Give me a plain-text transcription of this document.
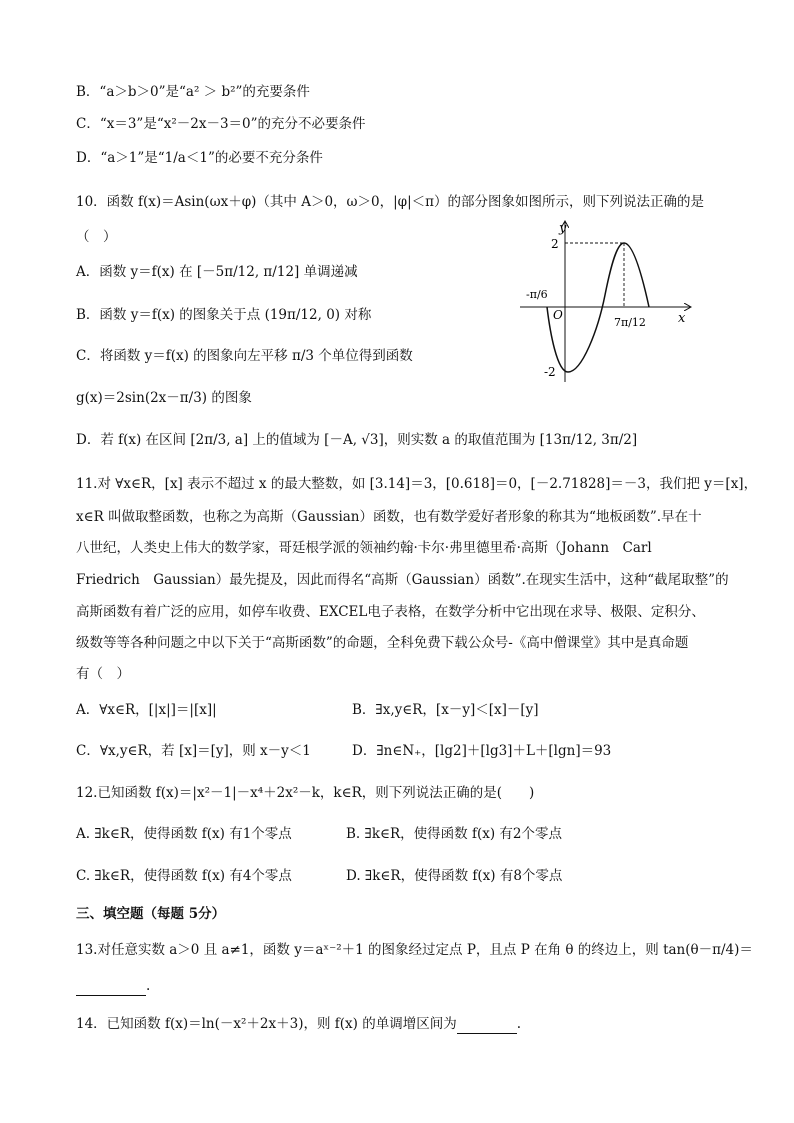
B．“a＞b＞0”是“a² ＞ b²”的充要条件
C．“x＝3”是“x²－2x－3＝0”的充分不必要条件
D．“a＞1”是“1/a＜1”的必要不充分条件
10．函数 f(x)＝Asin(ωx＋φ)（其中 A＞0，ω＞0，|φ|＜π）的部分图象如图所示，则下列说法正确的是
（　）
A．函数 y＝f(x) 在 [－5π/12, π/12] 单调递减
B．函数 y＝f(x) 的图象关于点 (19π/12, 0) 对称
C．将函数 y＝f(x) 的图象向左平移 π/3 个单位得到函数
g(x)＝2sin(2x－π/3) 的图象
D．若 f(x) 在区间 [2π/3, a] 上的值域为 [－A, √3]，则实数 a 的取值范围为 [13π/12, 3π/2]
y
x
O
2
-2
-π/6
7π/12
11.对 ∀x∈R，[x] 表示不超过 x 的最大整数，如 [3.14]＝3，[0.618]＝0，[－2.71828]＝－3，我们把 y＝[x]，
x∈R 叫做取整函数，也称之为高斯（Gaussian）函数，也有数学爱好者形象的称其为“地板函数”.早在十
八世纪，人类史上伟大的数学家，哥廷根学派的领袖约翰·卡尔·弗里德里希·高斯（Johann　Carl
Friedrich　Gaussian）最先提及，因此而得名“高斯（Gaussian）函数”.在现实生活中，这种“截尾取整”的
高斯函数有着广泛的应用，如停车收费、EXCEL电子表格，在数学分析中它出现在求导、极限、定积分、
级数等等各种问题之中以下关于“高斯函数”的命题，全科免费下载公众号-《高中僧课堂》其中是真命题
有（　）
A．∀x∈R，[|x|]＝|[x]|	B．∃x,y∈R，[x－y]＜[x]－[y]
C．∀x,y∈R，若 [x]＝[y]，则 x－y＜1	D．∃n∈N₊，[lg2]＋[lg3]＋L＋[lgn]＝93
12.已知函数 f(x)＝|x²－1|－x⁴＋2x²－k，k∈R，则下列说法正确的是(　　)
A. ∃k∈R，使得函数 f(x) 有1个零点	B. ∃k∈R，使得函数 f(x) 有2个零点
C. ∃k∈R，使得函数 f(x) 有4个零点	D. ∃k∈R，使得函数 f(x) 有8个零点
三、填空题（每题 5分）
13.对任意实数 a＞0 且 a≠1，函数 y＝aˣ⁻²＋1 的图象经过定点 P，且点 P 在角 θ 的终边上，则 tan(θ－π/4)＝
.
14．已知函数 f(x)＝ln(－x²＋2x＋3)，则 f(x) 的单调增区间为	.
